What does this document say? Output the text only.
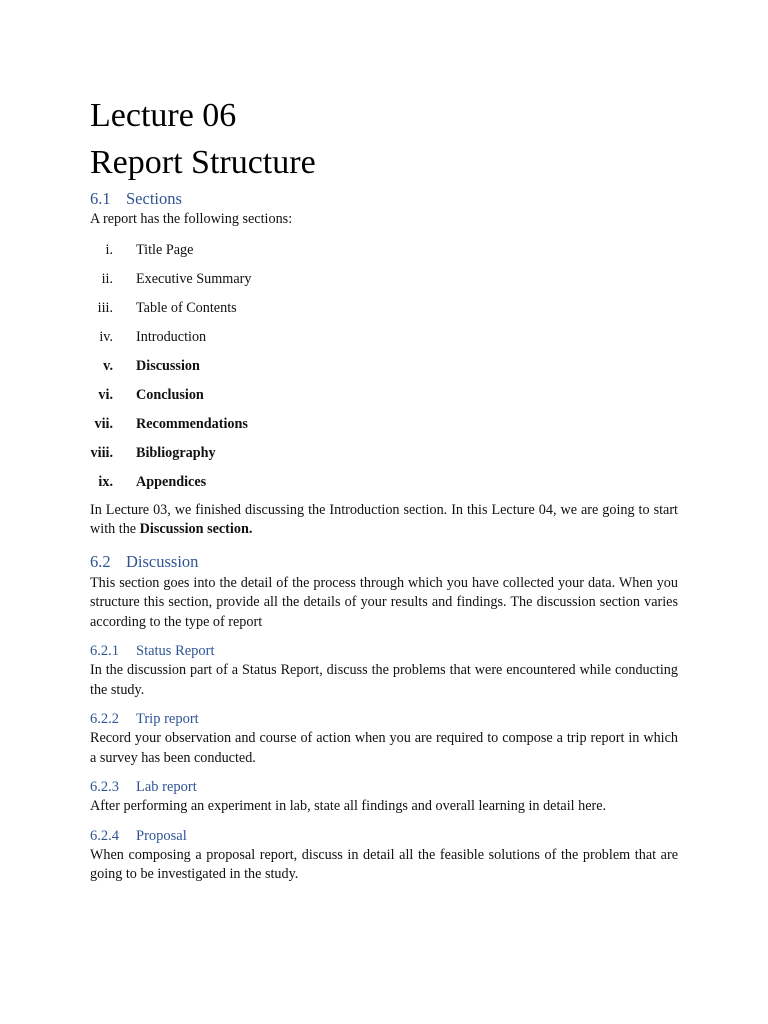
Lecture 06
Report Structure
6.1 Sections

A report has the following sections:

i. Title Page
ii. Executive Summary
iii. Table of Contents
iv. Introduction
v. Discussion
vi. Conclusion
vii. Recommendations
viii. Bibliography
ix. Appendices

In Lecture 03, we finished discussing the Introduction section. In this Lecture 04, we are going to start with the Discussion section.

6.2 Discussion

This section goes into the detail of the process through which you have collected your data. When you structure this section, provide all the details of your results and findings. The discussion section varies according to the type of report

6.2.1 Status Report

In the discussion part of a Status Report, discuss the problems that were encountered while conducting the study.

6.2.2 Trip report

Record your observation and course of action when you are required to compose a trip report in which a survey has been conducted.

6.2.3 Lab report

After performing an experiment in lab, state all findings and overall learning in detail here.

6.2.4 Proposal

When composing a proposal report, discuss in detail all the feasible solutions of the problem that are going to be investigated in the study.
